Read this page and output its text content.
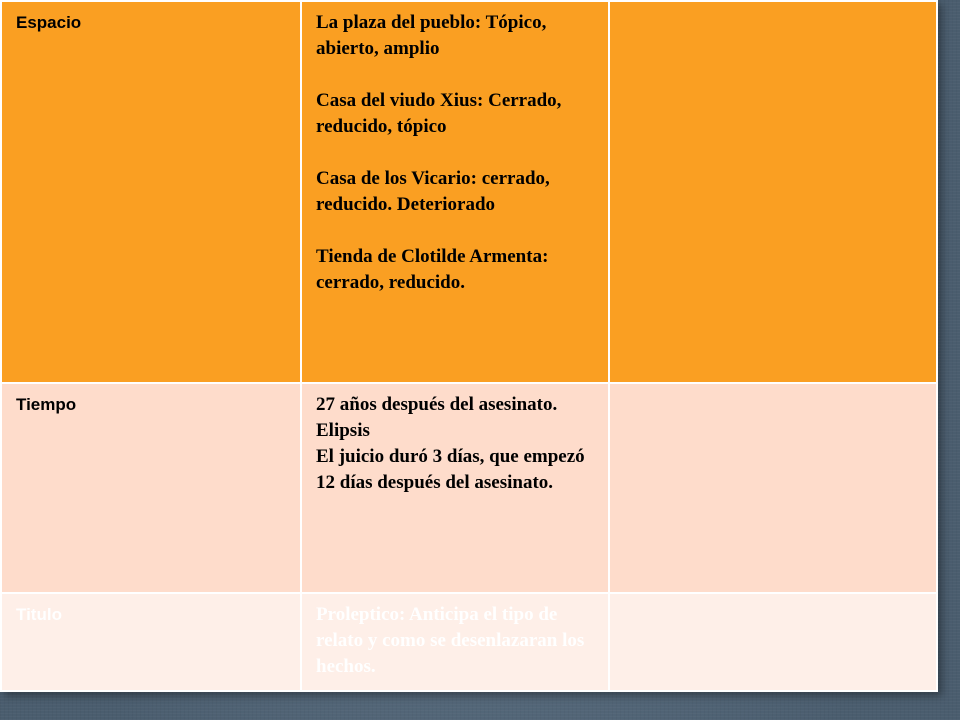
Espacio	La plaza del pueblo: Tópico, abierto, amplio

Casa del viudo Xius: Cerrado, reducido, tópico

Casa de los Vicario: cerrado, reducido. Deteriorado

Tienda de Clotilde Armenta: cerrado, reducido.	
Tiempo	27 años después del asesinato.
Elipsis
El juicio duró 3 días, que empezó 12 días después del asesinato.	
Titulo	Proleptico: Anticipa el tipo de relato y como se desenlazaran los hechos.	
